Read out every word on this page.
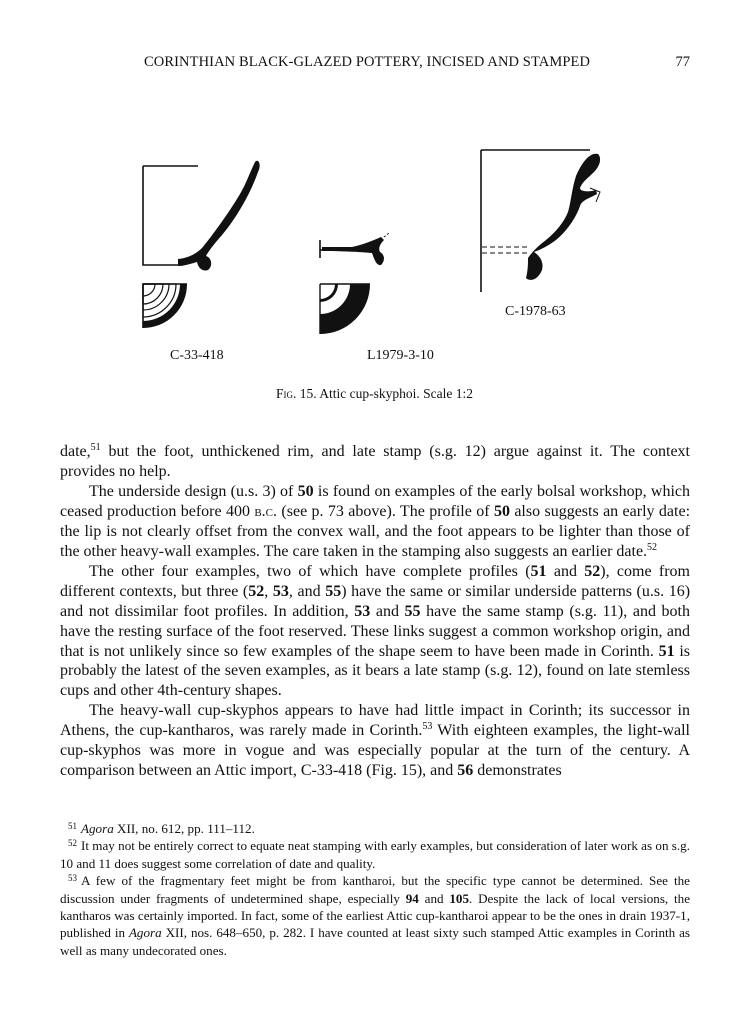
CORINTHIAN BLACK-GLAZED POTTERY, INCISED AND STAMPED	77
C-33-418	L1979-3-10
C-1978-63
Fig. 15. Attic cup-skyphoi. Scale 1:2

date,$^{51}$ but the foot, unthickened rim, and late stamp (s.g. 12) argue against it. The context provides no help.

The underside design (u.s. 3) of 50 is found on examples of the early bolsal workshop, which ceased production before 400 b.c. (see p. 73 above). The profile of 50 also suggests an early date: the lip is not clearly offset from the convex wall, and the foot appears to be lighter than those of the other heavy-wall examples. The care taken in the stamping also suggests an earlier date.$^{52}$

The other four examples, two of which have complete profiles (51 and 52), come from different contexts, but three (52, 53, and 55) have the same or similar underside patterns (u.s. 16) and not dissimilar foot profiles. In addition, 53 and 55 have the same stamp (s.g. 11), and both have the resting surface of the foot reserved. These links suggest a common workshop origin, and that is not unlikely since so few examples of the shape seem to have been made in Corinth. 51 is probably the latest of the seven examples, as it bears a late stamp (s.g. 12), found on late stemless cups and other 4th-century shapes.

The heavy-wall cup-skyphos appears to have had little impact in Corinth; its successor in Athens, the cup-kantharos, was rarely made in Corinth.$^{53}$ With eighteen examples, the light-wall cup-skyphos was more in vogue and was especially popular at the turn of the century. A comparison between an Attic import, C-33-418 (Fig. 15), and 56 demonstrates

$^{51}$ Agora XII, no. 612, pp. 111–112.

$^{52}$ It may not be entirely correct to equate neat stamping with early examples, but consideration of later work as on s.g. 10 and 11 does suggest some correlation of date and quality.

$^{53}$ A few of the fragmentary feet might be from kantharoi, but the specific type cannot be determined. See the discussion under fragments of undetermined shape, especially 94 and 105. Despite the lack of local versions, the kantharos was certainly imported. In fact, some of the earliest Attic cup-kantharoi appear to be the ones in drain 1937-1, published in Agora XII, nos. 648–650, p. 282. I have counted at least sixty such stamped Attic examples in Corinth as well as many undecorated ones.
